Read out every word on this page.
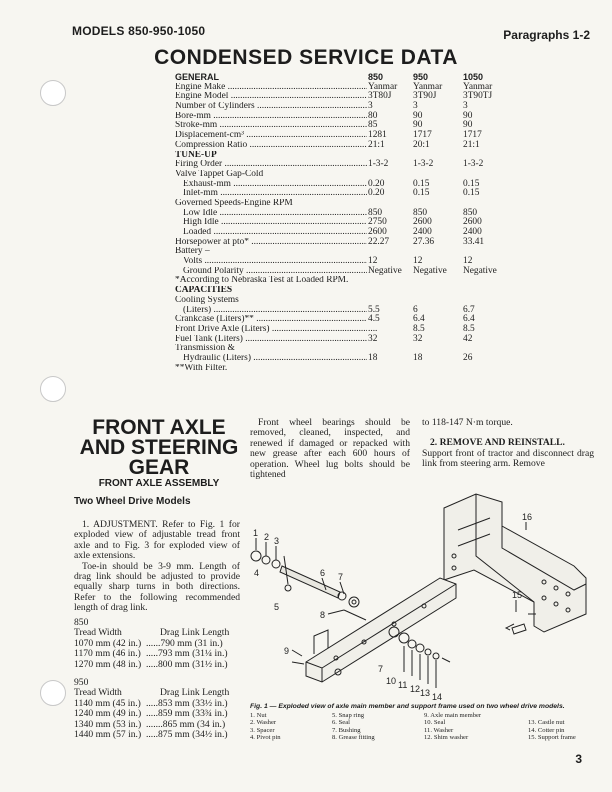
MODELS 850-950-1050	Paragraphs 1-2
CONDENSED SERVICE DATA
GENERAL	850	950	1050
Engine Make .....	Yanmar Yanmar Yanmar
Engine Model .....	3T80J 3T90J	3T90TJ
Number of Cylinders .....	3	3	3
Bore-mm .....	80	90	90
Stroke-mm .....	85	90	90
Displacement-cm³ .....	1281	1717	1717
Compression Ratio .....	21:1	20:1	21:1
TUNE-UP
Firing Order .....	1-3-2	1-3-2	1-3-2
Valve Tappet Gap-Cold
Exhaust-mm .....	0.20	0.15	0.15
Inlet-mm .....	0.20	0.15	0.15
Governed Speeds-Engine RPM
Low Idle .....	850	850	850
High Idle .....	2750	2600	2600
Loaded .....	2600	2400	2400
Horsepower at pto* .....	22.27	27.36	33.41
Battery –
Volts .....	12	12	12
Ground Polarity .....	Negative Negative Negative
*According to Nebraska Test at Loaded RPM.
CAPACITIES
Cooling Systems
(Liters) .....	5.5	6	6.7
Crankcase (Liters)** .....	4.5	6.4	6.4
Front Drive Axle (Liters) .....	....	8.5	8.5
Fuel Tank (Liters) .....	32	32	42
Transmission &
Hydraulic (Liters) .....	18	18	26
**With Filter.
FRONT AXLE
AND STEERING
GEAR
FRONT AXLE ASSEMBLY
Two Wheel Drive Models

1. ADJUSTMENT. Refer to Fig. 1 for exploded view of adjustable tread front axle and to Fig. 3 for exploded view of axle extensions.

Toe-in should be 3-9 mm. Length of drag link should be adjusted to provide equally sharp turns in both directions. Refer to the following recommended length of drag link.

850
Tread Width	Drag Link Length
1070 mm (42 in.) ......790 mm (31 in.)
1170 mm (46 in.) .....793 mm (31¼ in.)
1270 mm (48 in.) .....800 mm (31½ in.)
950
Tread Width	Drag Link Length
1140 mm (45 in.) .....853 mm (33½ in.)
1240 mm (49 in.) .....859 mm (33¾ in.)
1340 mm (53 in.) .......865 mm (34 in.)
1440 mm (57 in.) .....875 mm (34½ in.)

Front wheel bearings should be removed, cleaned, inspected, and renewed if damaged or repacked with new grease after each 600 hours of operation. Wheel lug bolts should be tightened

to 118-147 N·m torque.

2. REMOVE AND REINSTALL.

Support front of tractor and disconnect drag link from steering arm. Remove

1 2 3
4
5
6 7
8
9
7
10 11 12 13 14
15
16
Fig. 1 — Exploded view of axle main member and support frame used on two wheel drive models.
1. Nut
2. Washer
3. Spacer
4. Pivot pin
5. Snap ring
6. Seal
7. Bushing
8. Grease fitting
9. Axle main member
10. Seal
11. Washer
12. Shim washer
13. Castle nut
14. Cotter pin
15. Support frame
3
